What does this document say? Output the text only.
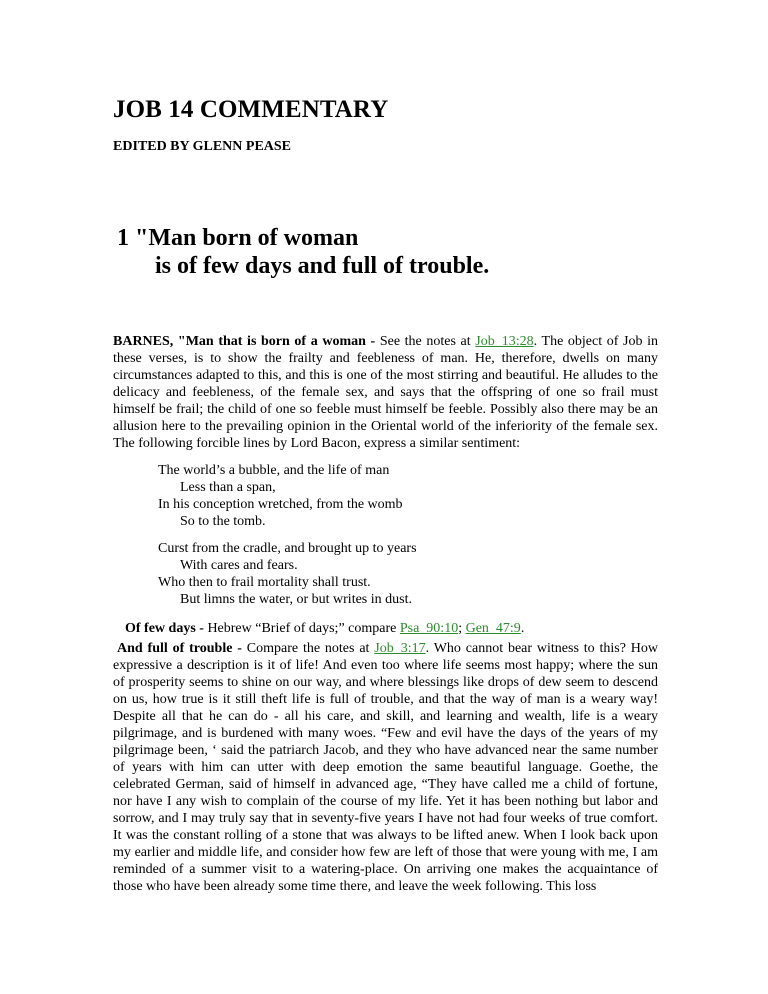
JOB 14 COMMENTARY
EDITED BY GLENN PEASE
1 "Man born of woman
is of few days and full of trouble.

BARNES, "Man that is born of a woman - See the notes at Job_13:28. The object of Job in these verses, is to show the frailty and feebleness of man. He, therefore, dwells on many circumstances adapted to this, and this is one of the most stirring and beautiful. He alludes to the delicacy and feebleness, of the female sex, and says that the offspring of one so frail must himself be frail; the child of one so feeble must himself be feeble. Possibly also there may be an allusion here to the prevailing opinion in the Oriental world of the inferiority of the female sex. The following forcible lines by Lord Bacon, express a similar sentiment:

The world’s a bubble, and the life of man
Less than a span,
In his conception wretched, from the womb
So to the tomb.
Curst from the cradle, and brought up to years
With cares and fears.
Who then to frail mortality shall trust.
But limns the water, or but writes in dust.
Of few days - Hebrew “Brief of days;” compare Psa_90:10; Gen_47:9.

And full of trouble - Compare the notes at Job_3:17. Who cannot bear witness to this? How expressive a description is it of life! And even too where life seems most happy; where the sun of prosperity seems to shine on our way, and where blessings like drops of dew seem to descend on us, how true is it still theft life is full of trouble, and that the way of man is a weary way! Despite all that he can do - all his care, and skill, and learning and wealth, life is a weary pilgrimage, and is burdened with many woes. “Few and evil have the days of the years of my pilgrimage been, ‘ said the patriarch Jacob, and they who have advanced near the same number of years with him can utter with deep emotion the same beautiful language. Goethe, the celebrated German, said of himself in advanced age, “They have called me a child of fortune, nor have I any wish to complain of the course of my life. Yet it has been nothing but labor and sorrow, and I may truly say that in seventy-five years I have not had four weeks of true comfort. It was the constant rolling of a stone that was always to be lifted anew. When I look back upon my earlier and middle life, and consider how few are left of those that were young with me, I am reminded of a summer visit to a watering-place. On arriving one makes the acquaintance of those who have been already some time there, and leave the week following. This loss
